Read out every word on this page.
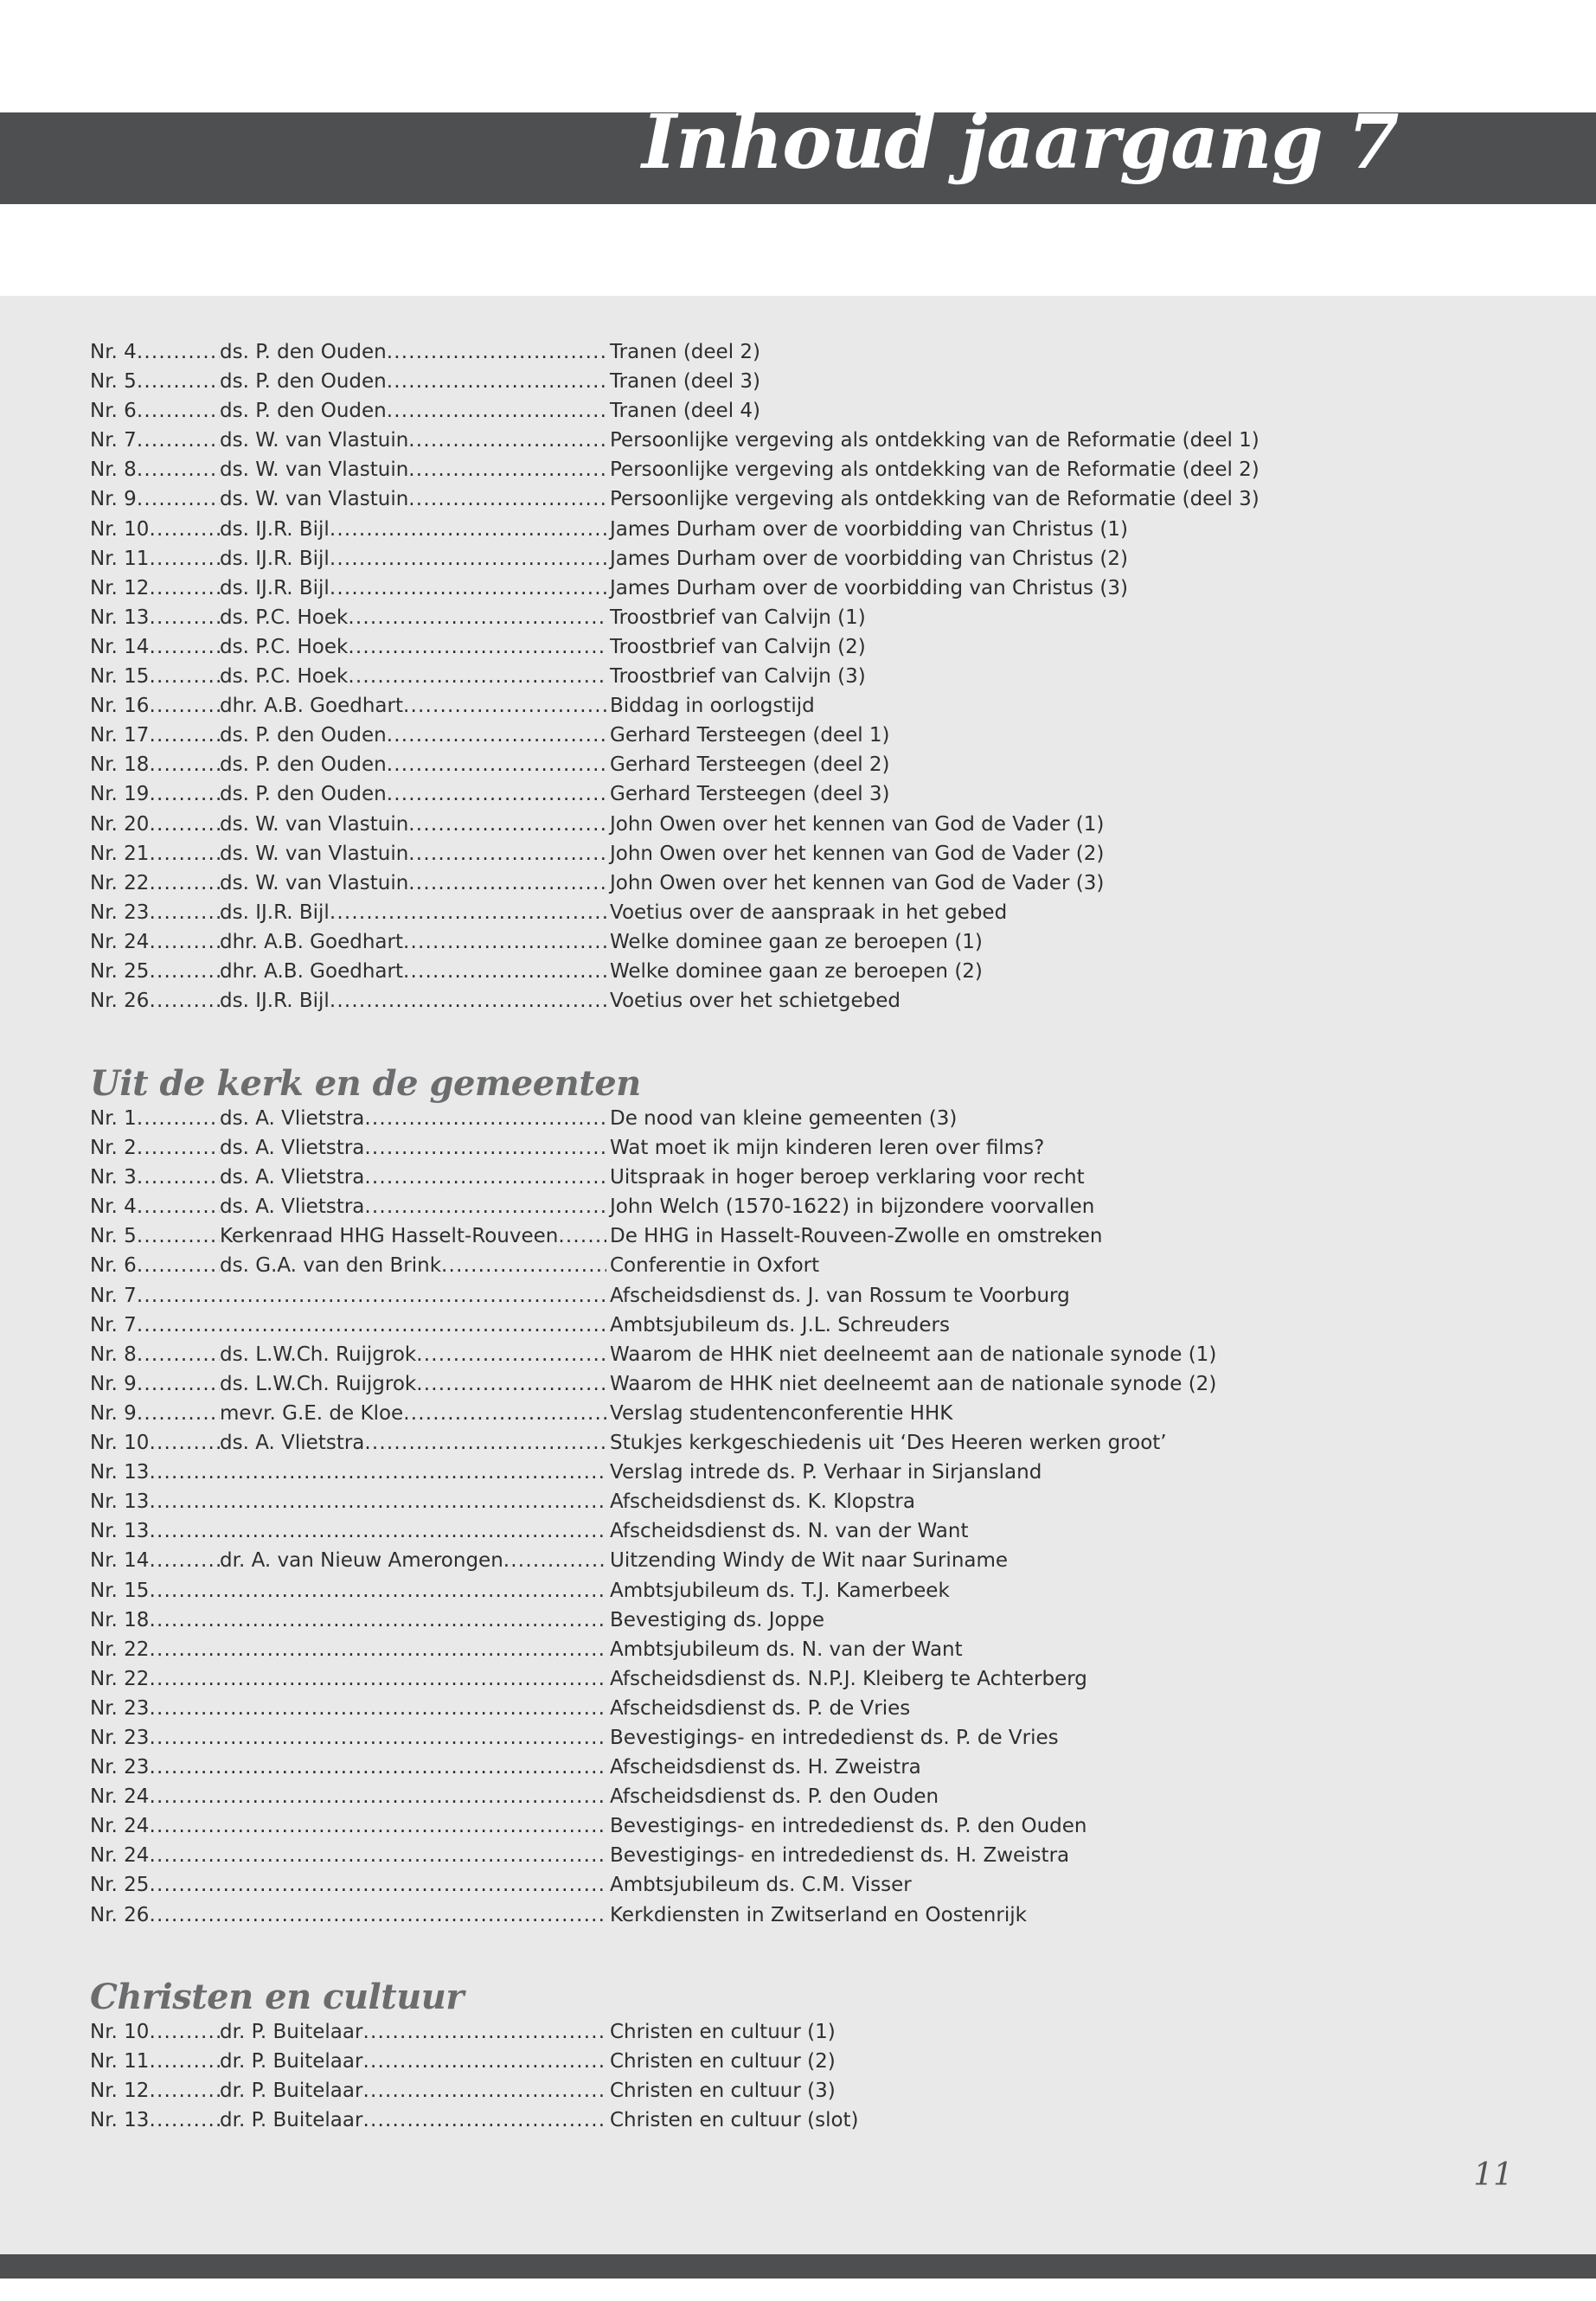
Inhoud jaargang 7
Nr. 4 .....	ds. P. den Ouden .....	Tranen (deel 2)
Nr. 5 .....	ds. P. den Ouden .....	Tranen (deel 3)
Nr. 6 .....	ds. P. den Ouden .....	Tranen (deel 4)
Nr. 7 .....	ds. W. van Vlastuin .....	Persoonlijke vergeving als ontdekking van de Reformatie (deel 1)
Nr. 8 .....	ds. W. van Vlastuin .....	Persoonlijke vergeving als ontdekking van de Reformatie (deel 2)
Nr. 9 .....	ds. W. van Vlastuin .....	Persoonlijke vergeving als ontdekking van de Reformatie (deel 3)
Nr. 10 .....	ds. IJ.R. Bijl .....	James Durham over de voorbidding van Christus (1)
Nr. 11 .....	ds. IJ.R. Bijl .....	James Durham over de voorbidding van Christus (2)
Nr. 12 .....	ds. IJ.R. Bijl .....	James Durham over de voorbidding van Christus (3)
Nr. 13 .....	ds. P.C. Hoek .....	Troostbrief van Calvijn (1)
Nr. 14 .....	ds. P.C. Hoek .....	Troostbrief van Calvijn (2)
Nr. 15 .....	ds. P.C. Hoek .....	Troostbrief van Calvijn (3)
Nr. 16 .....	dhr. A.B. Goedhart .....	Biddag in oorlogstijd
Nr. 17 .....	ds. P. den Ouden .....	Gerhard Tersteegen (deel 1)
Nr. 18 .....	ds. P. den Ouden .....	Gerhard Tersteegen (deel 2)
Nr. 19 .....	ds. P. den Ouden .....	Gerhard Tersteegen (deel 3)
Nr. 20 .....	ds. W. van Vlastuin .....	John Owen over het kennen van God de Vader (1)
Nr. 21 .....	ds. W. van Vlastuin .....	John Owen over het kennen van God de Vader (2)
Nr. 22 .....	ds. W. van Vlastuin .....	John Owen over het kennen van God de Vader (3)
Nr. 23 .....	ds. IJ.R. Bijl .....	Voetius over de aanspraak in het gebed
Nr. 24 .....	dhr. A.B. Goedhart .....	Welke dominee gaan ze beroepen (1)
Nr. 25 .....	dhr. A.B. Goedhart .....	Welke dominee gaan ze beroepen (2)
Nr. 26 .....	ds. IJ.R. Bijl .....	Voetius over het schietgebed
Uit de kerk en de gemeenten
Nr. 1 .....	ds. A. Vlietstra .....	De nood van kleine gemeenten (3)
Nr. 2 .....	ds. A. Vlietstra .....	Wat moet ik mijn kinderen leren over films?
Nr. 3 .....	ds. A. Vlietstra .....	Uitspraak in hoger beroep verklaring voor recht
Nr. 4 .....	ds. A. Vlietstra .....	John Welch (1570-1622) in bijzondere voorvallen
Nr. 5 .....	Kerkenraad HHG Hasselt-Rouveen .....	De HHG in Hasselt-Rouveen-Zwolle en omstreken
Nr. 6 .....	ds. G.A. van den Brink .....	Conferentie in Oxfort
Nr. 7 .....	Afscheidsdienst ds. J. van Rossum te Voorburg
Nr. 7 .....	Ambtsjubileum ds. J.L. Schreuders
Nr. 8 .....	ds. L.W.Ch. Ruijgrok .....	Waarom de HHK niet deelneemt aan de nationale synode (1)
Nr. 9 .....	ds. L.W.Ch. Ruijgrok .....	Waarom de HHK niet deelneemt aan de nationale synode (2)
Nr. 9 .....	mevr. G.E. de Kloe .....	Verslag studentenconferentie HHK
Nr. 10 .....	ds. A. Vlietstra .....	Stukjes kerkgeschiedenis uit ‘Des Heeren werken groot’
Nr. 13 .....	Verslag intrede ds. P. Verhaar in Sirjansland
Nr. 13 .....	Afscheidsdienst ds. K. Klopstra
Nr. 13 .....	Afscheidsdienst ds. N. van der Want
Nr. 14 .....	dr. A. van Nieuw Amerongen .....	Uitzending Windy de Wit naar Suriname
Nr. 15 .....	Ambtsjubileum ds. T.J. Kamerbeek
Nr. 18 .....	Bevestiging ds. Joppe
Nr. 22 .....	Ambtsjubileum ds. N. van der Want
Nr. 22 .....	Afscheidsdienst ds. N.P.J. Kleiberg te Achterberg
Nr. 23 .....	Afscheidsdienst ds. P. de Vries
Nr. 23 .....	Bevestigings- en intrededienst ds. P. de Vries
Nr. 23 .....	Afscheidsdienst ds. H. Zweistra
Nr. 24 .....	Afscheidsdienst ds. P. den Ouden
Nr. 24 .....	Bevestigings- en intrededienst ds. P. den Ouden
Nr. 24 .....	Bevestigings- en intrededienst ds. H. Zweistra
Nr. 25 .....	Ambtsjubileum ds. C.M. Visser
Nr. 26 .....	Kerkdiensten in Zwitserland en Oostenrijk
Christen en cultuur
Nr. 10 .....	dr. P. Buitelaar .....	Christen en cultuur (1)
Nr. 11 .....	dr. P. Buitelaar .....	Christen en cultuur (2)
Nr. 12 .....	dr. P. Buitelaar .....	Christen en cultuur (3)
Nr. 13 .....	dr. P. Buitelaar .....	Christen en cultuur (slot)
11
